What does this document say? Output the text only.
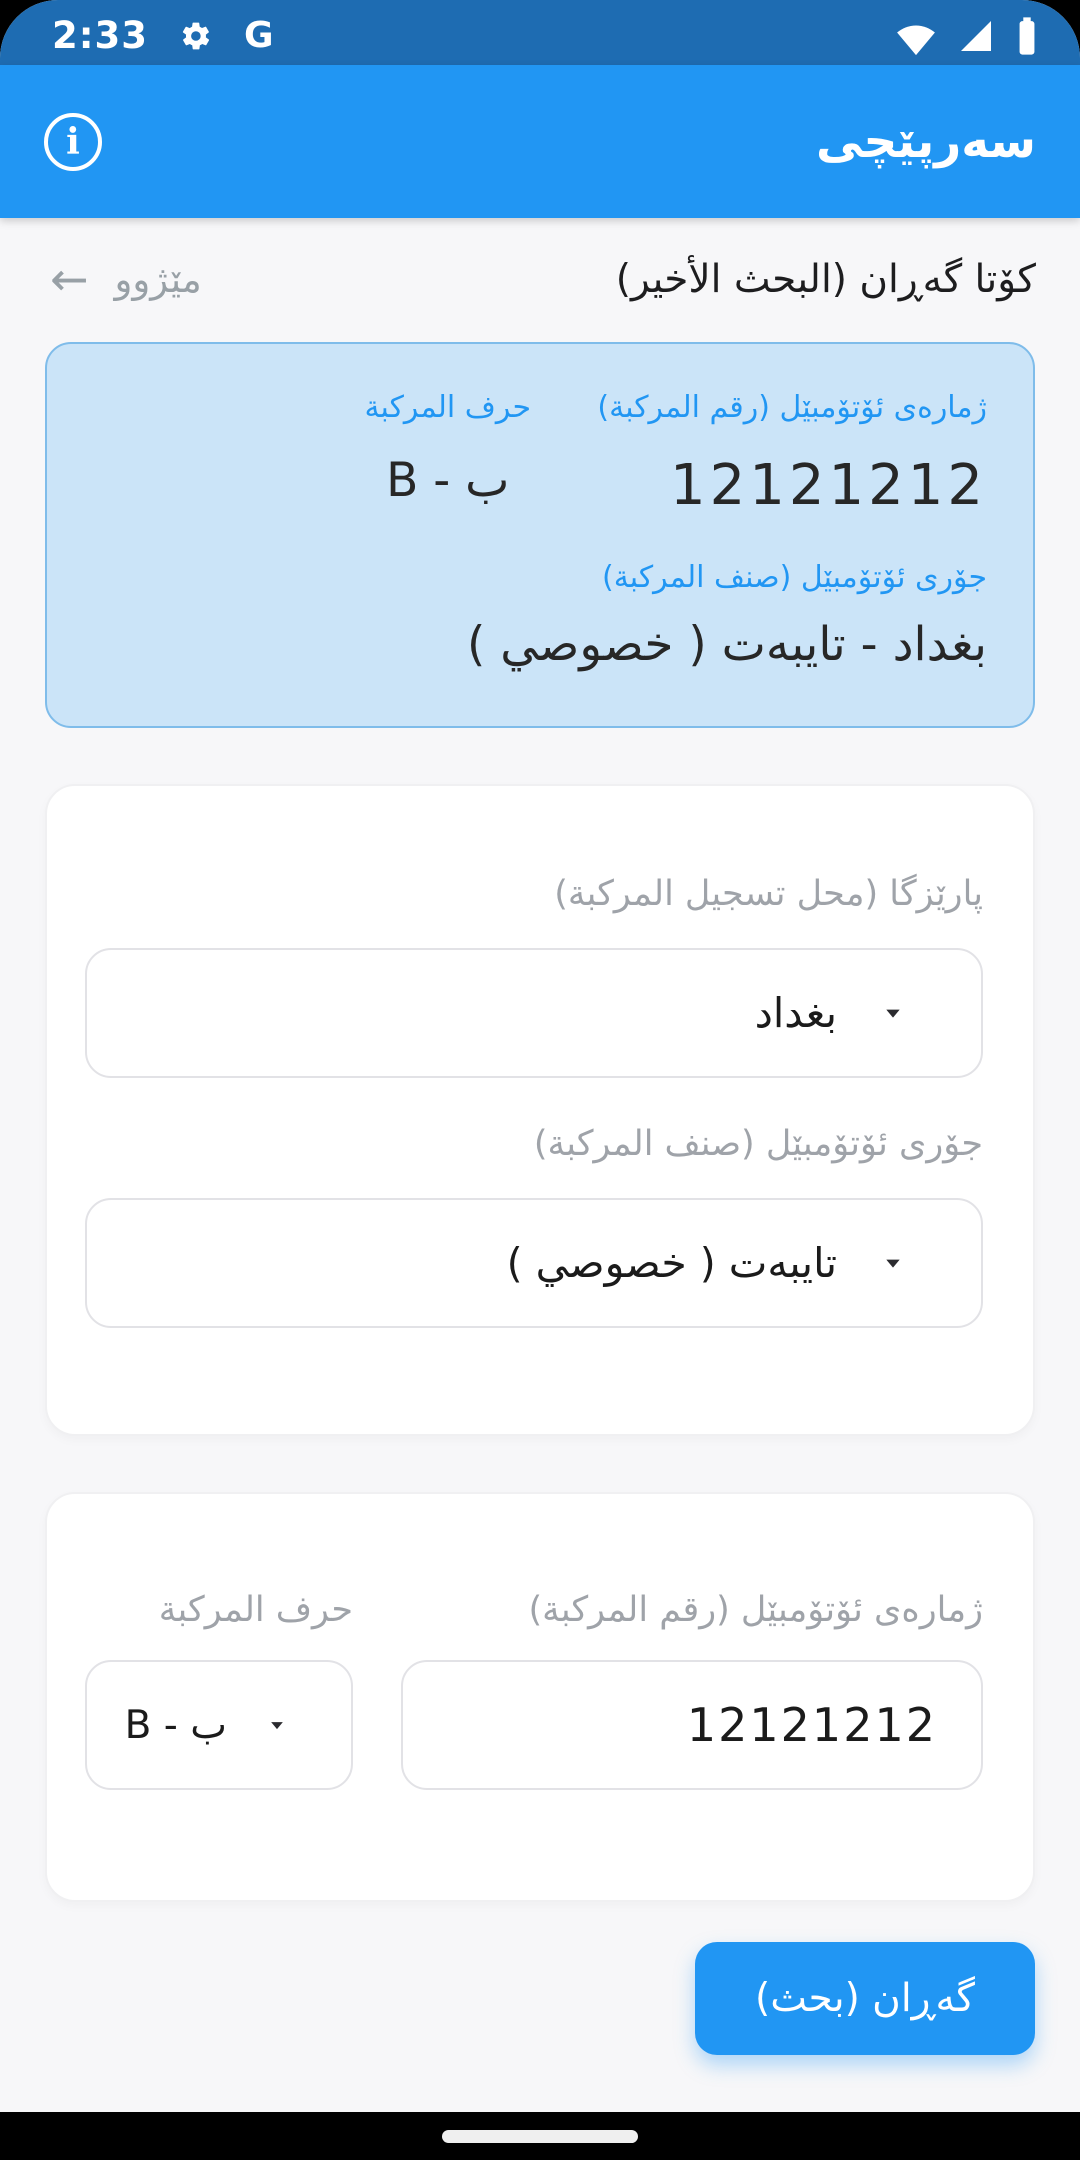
2:33	G
i	سەرپێچی
← مێژوو	كۆتا گەڕان (البحث الأخير)
ژمارەی ئۆتۆمبێل (رقم المركبة)
12121212
حرف المركبة
B - ب
جۆری ئۆتۆمبێل (صنف المركبة)
بغداد - تایبەت ( خصوصي )
پارێزگا (محل تسجيل المركبة)
بغداد
جۆری ئۆتۆمبێل (صنف المركبة)
تایبەت ( خصوصي )
حرف المركبة	ژمارەی ئۆتۆمبێل (رقم المركبة)
B - ب	12121212
گەڕان (بحث)
